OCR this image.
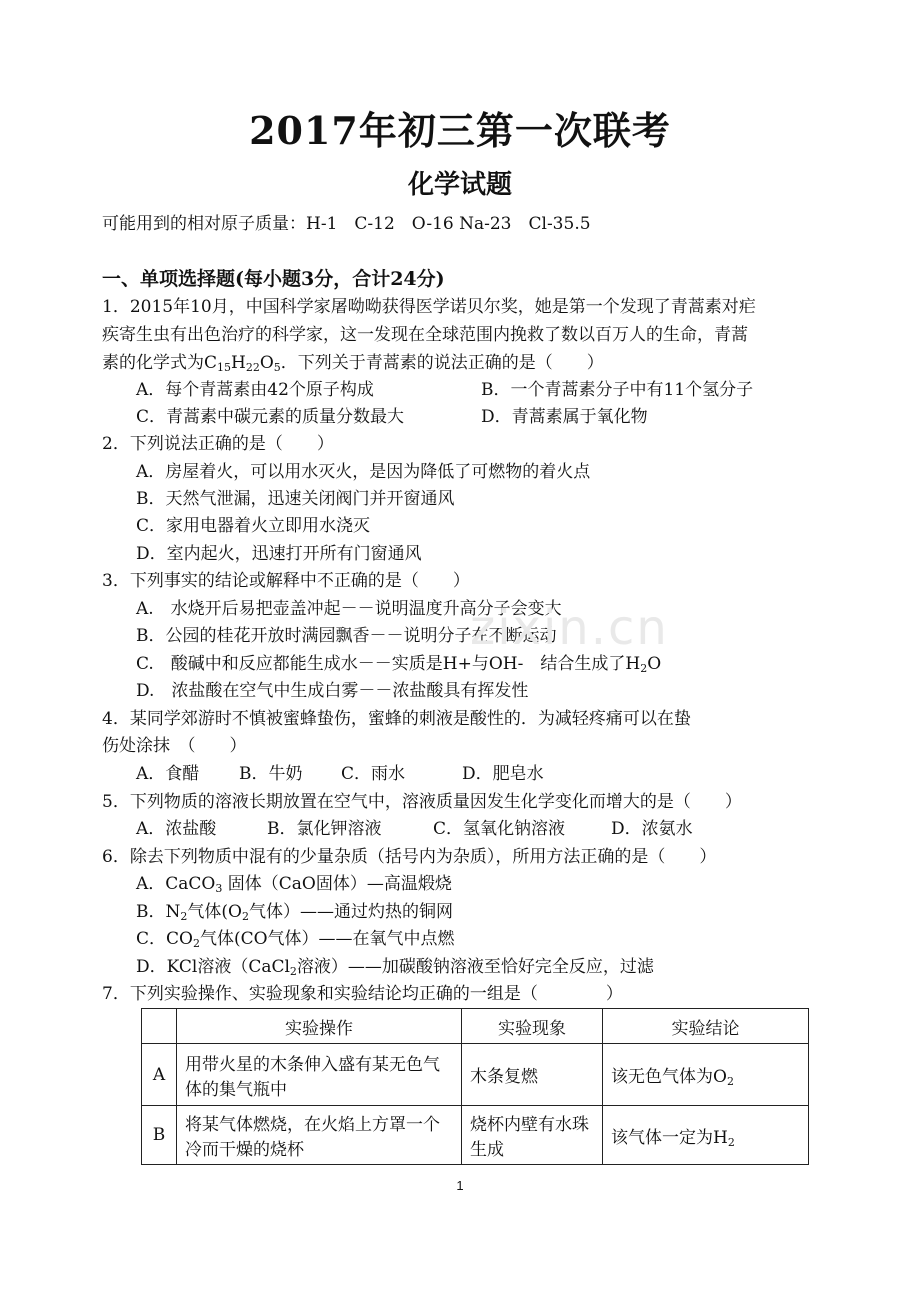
2017年初三第一次联考
化学试题
可能用到的相对原子质量：H-1　C-12　O-16 Na-23　Cl-35.5
一、单项选择题(每小题3分，合计24分)
1．2015年10月，中国科学家屠呦呦获得医学诺贝尔奖，她是第一个发现了青蒿素对疟
疾寄生虫有出色治疗的科学家，这一发现在全球范围内挽救了数以百万人的生命，青蒿
素的化学式为$C_{15}H_{22}O_5$．下列关于青蒿素的说法正确的是（　　）
A．每个青蒿素由42个原子构成	B．一个青蒿素分子中有11个氢分子
C．青蒿素中碳元素的质量分数最大	D．青蒿素属于氧化物
2．下列说法正确的是（　　）
A．房屋着火，可以用水灭火，是因为降低了可燃物的着火点
B．天然气泄漏，迅速关闭阀门并开窗通风
C．家用电器着火立即用水浇灭
D．室内起火，迅速打开所有门窗通风
3．下列事实的结论或解释中不正确的是（　　）
A.　水烧开后易把壶盖冲起－－说明温度升高分子会变大
B．公园的桂花开放时满园飘香－－说明分子在不断运动
C.　酸碱中和反应都能生成水－－实质是H+与OH-　结合生成了$H_2O$
D.　浓盐酸在空气中生成白雾－－浓盐酸具有挥发性
zixin.cn
4．某同学郊游时不慎被蜜蜂蛰伤，蜜蜂的刺液是酸性的．为减轻疼痛可以在蛰
伤处涂抹　（　　）
A．食醋 B．牛奶 C．雨水	D．肥皂水
5．下列物质的溶液长期放置在空气中，溶液质量因发生化学变化而增大的是（　　）
A．浓盐酸	B．氯化钾溶液	C．氢氧化钠溶液	D．浓氨水
6．除去下列物质中混有的少量杂质（括号内为杂质），所用方法正确的是（　　）
A．CaCO$_3$ 固体（CaO固体）—高温煅烧
B．$N_2$气体($O_2$气体）——通过灼热的铜网
C．$CO_2$气体(CO气体）——在氧气中点燃
D．KCl溶液（CaCl$_2$溶液）——加碳酸钠溶液至恰好完全反应，过滤
7．下列实验操作、实验现象和实验结论均正确的一组是（　　　　）
	实验操作	实验现象	实验结论
A	用带火星的木条伸入盛有某无色气体的集气瓶中	木条复燃	该无色气体为$O_2$
B	将某气体燃烧，在火焰上方罩一个冷而干燥的烧杯	烧杯内壁有水珠生成	该气体一定为$H_2$
1
